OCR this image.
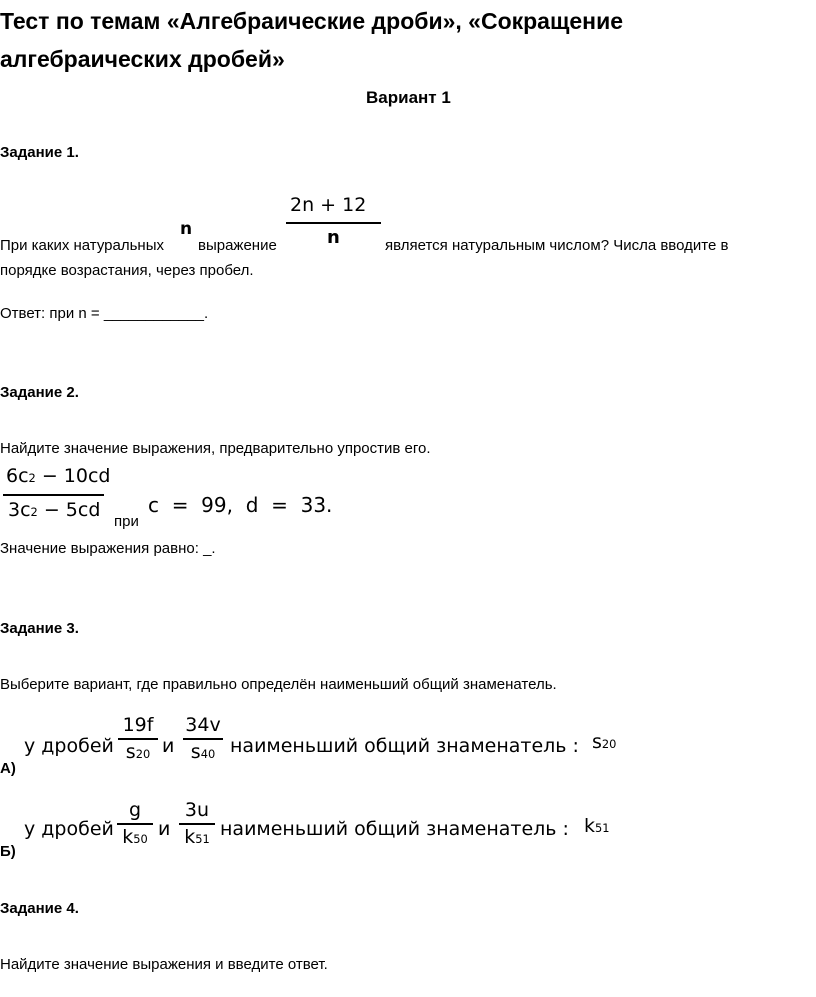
Тест по темам «Алгебраические дроби», «Сокращение
алгебраических дробей»
Вариант 1
Задание 1.
При каких натуральных
n
выражение
2n + 12
n	является натуральным числом? Числа вводите в
порядке возрастания, через пробел.
Ответ: при n = ____________.
Задание 2.
Найдите значение выражения, предварительно упростив его.
$6c^2 - 10cd$
$3c^2 - 5cd$
при
c  =  99,  d  =  33.
Значение выражения равно: _.
Задание 3.
Выберите вариант, где правильно определён наименьший общий знаменатель.
у дробей
19f
$s^{20}$ и
34v
$s^{40}$ наименьший общий знаменатель : $s^{20}$
А)
у дробей
g
$k^{50}$ и
3u
$k^{51}$ наименьший общий знаменатель : $k^{51}$
Б)
Задание 4.
Найдите значение выражения и введите ответ.
